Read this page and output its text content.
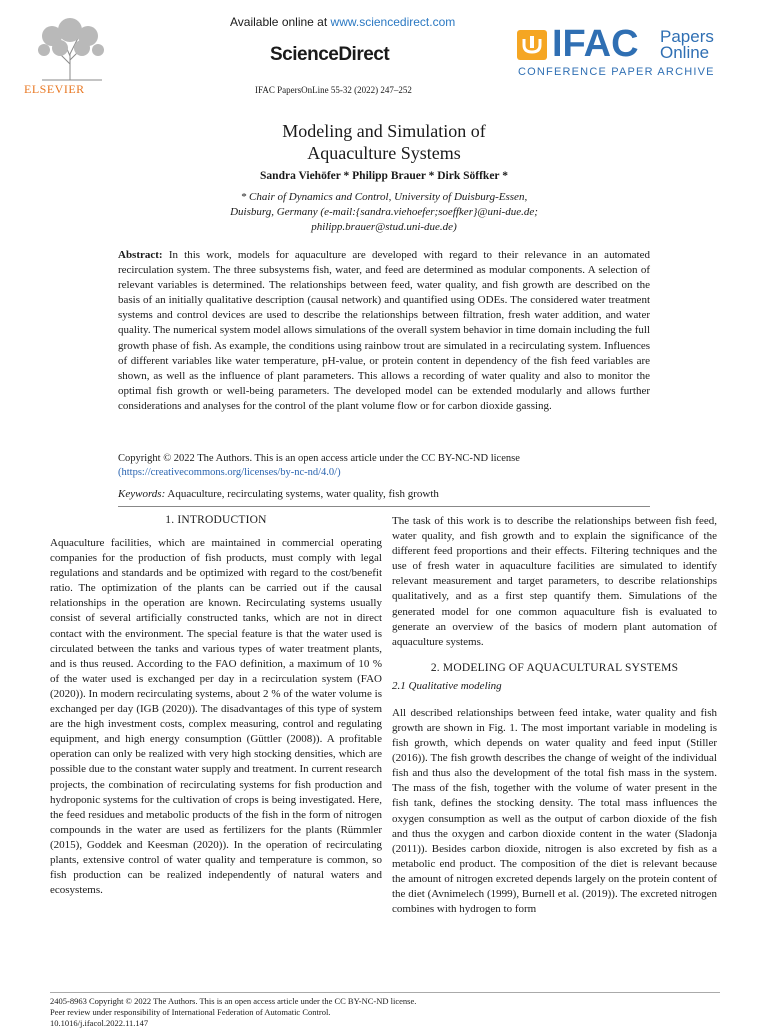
ELSEVIER
Available online at www.sciencedirect.com
ScienceDirect
IFAC PapersOnLine 55-32 (2022) 247–252
IFAC Papers
Online
CONFERENCE PAPER ARCHIVE
Modeling and Simulation of
Aquaculture Systems
Sandra Viehöfer * Philipp Brauer * Dirk Söffker *
* Chair of Dynamics and Control, University of Duisburg-Essen,
Duisburg, Germany (e-mail:{sandra.viehoefer;soeffker}@uni-due.de;
philipp.brauer@stud.uni-due.de)
Abstract: In this work, models for aquaculture are developed with regard to their relevance in an automated recirculation system. The three subsystems fish, water, and feed are determined as modular components. A selection of relevant variables is determined. The relationships between feed, water quality, and fish growth are described on the basis of an initially qualitative description (causal network) and quantified using ODEs. The considered water treatment systems and control devices are used to describe the relationships between filtration, fresh water addition, and water quality. The numerical system model allows simulations of the overall system behavior in time domain including the full growth phase of fish. As example, the conditions using rainbow trout are simulated in a recirculating system. Influences of different variables like water temperature, pH-value, or protein content in dependency of the fish feed variables are shown, as well as the influence of plant parameters. This allows a recording of water quality and also to monitor the optimal fish growth or well-being parameters. The developed model can be extended modularly and allows further considerations and analyses for the control of the plant volume flow or for carbon dioxide gassing.
Copyright © 2022 The Authors. This is an open access article under the CC BY-NC-ND license
(https://creativecommons.org/licenses/by-nc-nd/4.0/)
Keywords: Aquaculture, recirculating systems, water quality, fish growth
1. INTRODUCTION
Aquaculture facilities, which are maintained in commercial operating companies for the production of fish products, must comply with legal regulations and standards and be optimized with regard to the cost/benefit ratio. The optimization of the plants can be carried out if the causal relationships in the operation are known. Recirculating systems usually consist of several artificially constructed tanks, which are not in direct contact with the environment. The special feature is that the water used is circulated between the tanks and various types of water treatment plants, and is thus reused. According to the FAO definition, a maximum of 10 % of the water used is exchanged per day in a recirculation system (FAO (2020)). In modern recirculating systems, about 2 % of the water volume is exchanged per day (IGB (2020)). The disadvantages of this type of system are the high investment costs, complex measuring, control and regulating equipment, and high energy consumption (Güttler (2008)). A profitable operation can only be realized with very high stocking densities, which are possible due to the constant water supply and treatment. In current research projects, the combination of recirculating systems for fish production and hydroponic systems for the cultivation of crops is being investigated. Here, the feed residues and metabolic products of the fish in the form of nitrogen compounds in the water are used as fertilizers for the plants (Rümmler (2015), Goddek and Keesman (2020)). In the operation of recirculating plants, extensive control of water quality and temperature is common, so fish production can be realized independently of natural waters and ecosystems.
The task of this work is to describe the relationships between fish feed, water quality, and fish growth and to explain the significance of the different feed proportions and their effects. Filtering techniques and the use of fresh water in aquaculture facilities are simulated to identify relevant measurement and target parameters, to describe relationships qualitatively, and as a first step quantify them. Simulations of the generated model for one common aquaculture fish is evaluated to generate an overview of the basics of modern plant automation of aquaculture systems.
2. MODELING OF AQUACULTURAL SYSTEMS
2.1 Qualitative modeling
All described relationships between feed intake, water quality and fish growth are shown in Fig. 1. The most important variable in modeling is fish growth, which depends on water quality and feed input (Stiller (2016)). The fish growth describes the change of weight of the individual fish and thus also the development of the total fish mass in the system. The mass of the fish, together with the volume of water present in the fish tank, defines the stocking density. The total mass influences the oxygen consumption as well as the output of carbon dioxide of the fish and thus the oxygen and carbon dioxide content in the water (Sladonja (2011)). Besides carbon dioxide, nitrogen is also excreted by fish as a metabolic end product. The composition of the diet is relevant because the amount of nitrogen excreted depends largely on the protein content of the diet (Avnimelech (1999), Burnell et al. (2019)). The excreted nitrogen combines with hydrogen to form
2405-8963 Copyright © 2022 The Authors. This is an open access article under the CC BY-NC-ND license.
Peer review under responsibility of International Federation of Automatic Control.
10.1016/j.ifacol.2022.11.147
